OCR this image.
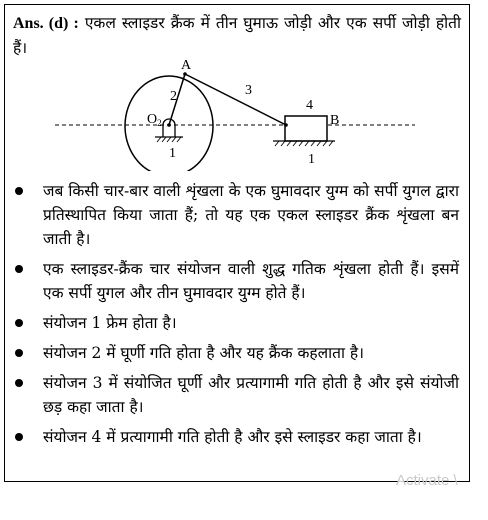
Ans. (d) : एकल स्लाइडर क्रैंक में तीन घुमाऊ जोड़ी और एक सर्पी जोड़ी होती हैं।
A
2	3
4
B
$O_2$
1	1
जब किसी चार-बार वाली शृंखला के एक घुमावदार युग्म को सर्पी युगल द्वारा प्रतिस्थापित किया जाता हैं; तो यह एक एकल स्लाइडर क्रैंक शृंखला बन जाती है।
एक स्लाइडर-क्रैंक चार संयोजन वाली शुद्ध गतिक शृंखला होती हैं। इसमें एक सर्पी युगल और तीन घुमावदार युग्म होते हैं।
संयोजन 1 फ्रेम होता है।
संयोजन 2 में घूर्णी गति होता है और यह क्रैंक कहलाता है।
संयोजन 3 में संयोजित घूर्णी और प्रत्यागामी गति होती है और इसे संयोजी छड़ कहा जाता है।
संयोजन 4 में प्रत्यागामी गति होती है और इसे स्लाइडर कहा जाता है।
Activate \
